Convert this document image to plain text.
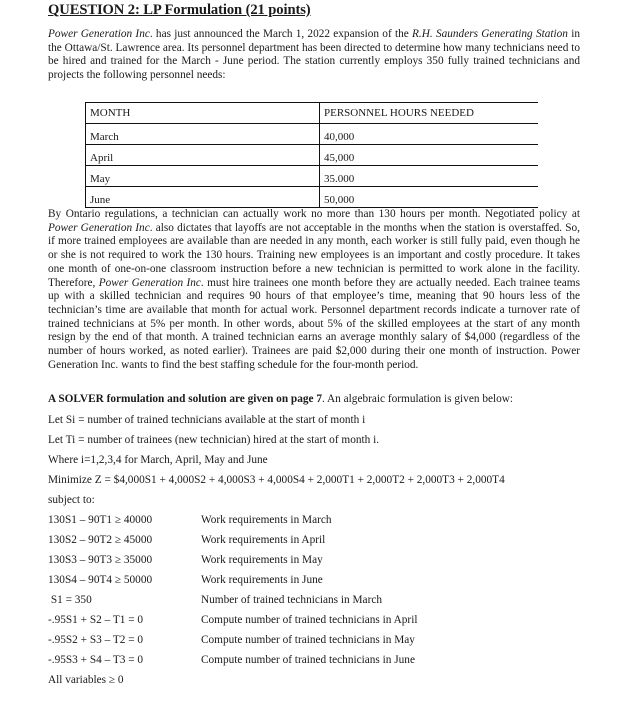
QUESTION 2: LP Formulation (21 points)
Power Generation Inc. has just announced the March 1, 2022 expansion of the R.H. Saunders Generating Station in the Ottawa/St. Lawrence area. Its personnel department has been directed to determine how many technicians need to be hired and trained for the March - June period. The station currently employs 350 fully trained technicians and projects the following personnel needs:
MONTH	PERSONNEL HOURS NEEDED
March	40,000
April	45,000
May	35.000
June	50,000
By Ontario regulations, a technician can actually work no more than 130 hours per month. Negotiated policy at Power Generation Inc. also dictates that layoffs are not acceptable in the months when the station is overstaffed. So, if more trained employees are available than are needed in any month, each worker is still fully paid, even though he or she is not required to work the 130 hours. Training new employees is an important and costly procedure. It takes one month of one-on-one classroom instruction before a new technician is permitted to work alone in the facility. Therefore, Power Generation Inc. must hire trainees one month before they are actually needed. Each trainee teams up with a skilled technician and requires 90 hours of that employee’s time, meaning that 90 hours less of the technician’s time are available that month for actual work. Personnel department records indicate a turnover rate of trained technicians at 5% per month. In other words, about 5% of the skilled employees at the start of any month resign by the end of that month. A trained technician earns an average monthly salary of $4,000 (regardless of the number of hours worked, as noted earlier). Trainees are paid $2,000 during their one month of instruction. Power Generation Inc. wants to find the best staffing schedule for the four-month period.
A SOLVER formulation and solution are given on page 7. An algebraic formulation is given below:
Let Si = number of trained technicians available at the start of month i
Let Ti = number of trainees (new technician) hired at the start of month i.
Where i=1,2,3,4 for March, April, May and June
Minimize Z = $4,000S1 + 4,000S2 + 4,000S3 + 4,000S4 + 2,000T1 + 2,000T2 + 2,000T3 + 2,000T4
subject to:
130S1 – 90T1 ≥ 40000	Work requirements in March
130S2 – 90T2 ≥ 45000	Work requirements in April
130S3 – 90T3 ≥ 35000	Work requirements in May
130S4 – 90T4 ≥ 50000	Work requirements in June
S1 = 350	Number of trained technicians in March
-.95S1 + S2 – T1 = 0	Compute number of trained technicians in April
-.95S2 + S3 – T2 = 0	Compute number of trained technicians in May
-.95S3 + S4 – T3 = 0	Compute number of trained technicians in June
All variables ≥ 0
